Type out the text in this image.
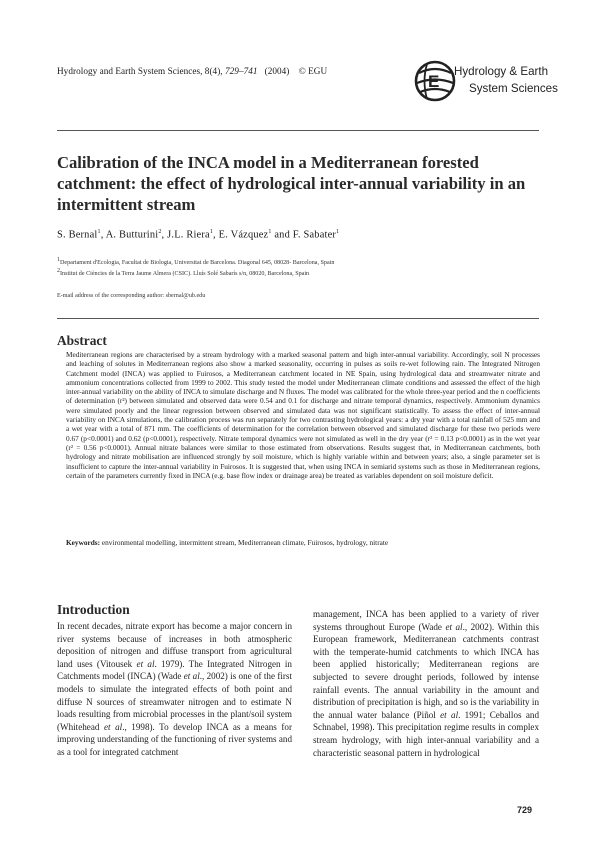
Hydrology and Earth System Sciences, 8(4), 729–741 (2004) © EGU
E
Hydrology & Earth
System Sciences
Calibration of the INCA model in a Mediterranean forested catchment: the effect of hydrological inter-annual variability in an intermittent stream
S. Bernal$^1$, A. Butturini$^2$, J.L. Riera$^1$, E. Vázquez$^1$ and F. Sabater$^1$
$^1$Departament d'Ecologia, Facultat de Biologia, Universitat de Barcelona. Diagonal 645, 08028- Barcelona, Spain
$^2$Institut de Ciències de la Terra Jaume Almera (CSIC). Lluís Solé Sabarís s/n, 08020, Barcelona, Spain
E-mail address of the corresponding author: sbernal@ub.edu
Abstract
Mediterranean regions are characterised by a stream hydrology with a marked seasonal pattern and high inter-annual variability. Accordingly, soil N processes and leaching of solutes in Mediterranean regions also show a marked seasonality, occurring in pulses as soils re-wet following rain. The Integrated Nitrogen Catchment model (INCA) was applied to Fuirosos, a Mediterranean catchment located in NE Spain, using hydrological data and streamwater nitrate and ammonium concentrations collected from 1999 to 2002. This study tested the model under Mediterranean climate conditions and assessed the effect of the high inter-annual variability on the ability of INCA to simulate discharge and N fluxes. The model was calibrated for the whole three-year period and the n coefficients of determination (r²) between simulated and observed data were 0.54 and 0.1 for discharge and nitrate temporal dynamics, respectively. Ammonium dynamics were simulated poorly and the linear regression between observed and simulated data was not significant statistically. To assess the effect of inter-annual variability on INCA simulations, the calibration process was run separately for two contrasting hydrological years: a dry year with a total rainfall of 525 mm and a wet year with a total of 871 mm. The coefficients of determination for the correlation between observed and simulated discharge for these two periods were 0.67 (p<0.0001) and 0.62 (p<0.0001), respectively. Nitrate temporal dynamics were not simulated as well in the dry year (r² = 0.13 p<0.0001) as in the wet year (r² = 0.56 p<0.0001). Annual nitrate balances were similar to those estimated from observations. Results suggest that, in Mediterranean catchments, both hydrology and nitrate mobilisation are influenced strongly by soil moisture, which is highly variable within and between years; also, a single parameter set is insufficient to capture the inter-annual variability in Fuirosos. It is suggested that, when using INCA in semiarid systems such as those in Mediterranean regions, certain of the parameters currently fixed in INCA (e.g. base flow index or drainage area) be treated as variables dependent on soil moisture deficit.
Keywords: environmental modelling, intermittent stream, Mediterranean climate, Fuirosos, hydrology, nitrate
Introduction
In recent decades, nitrate export has become a major concern in river systems because of increases in both atmospheric deposition of nitrogen and diffuse transport from agricultural land uses (Vitousek et al. 1979). The Integrated Nitrogen in Catchments model (INCA) (Wade et al., 2002) is one of the first models to simulate the integrated effects of both point and diffuse N sources of streamwater nitrogen and to estimate N loads resulting from microbial processes in the plant/soil system (Whitehead et al., 1998). To develop INCA as a means for improving understanding of the functioning of river systems and as a tool for integrated catchment
management, INCA has been applied to a variety of river systems throughout Europe (Wade et al., 2002). Within this European framework, Mediterranean catchments contrast with the temperate-humid catchments to which INCA has been applied historically; Mediterranean regions are subjected to severe drought periods, followed by intense rainfall events. The annual variability in the amount and distribution of precipitation is high, and so is the variability in the annual water balance (Piñol et al. 1991; Ceballos and Schnabel, 1998). This precipitation regime results in complex stream hydrology, with high inter-annual variability and a characteristic seasonal pattern in hydrological
729
